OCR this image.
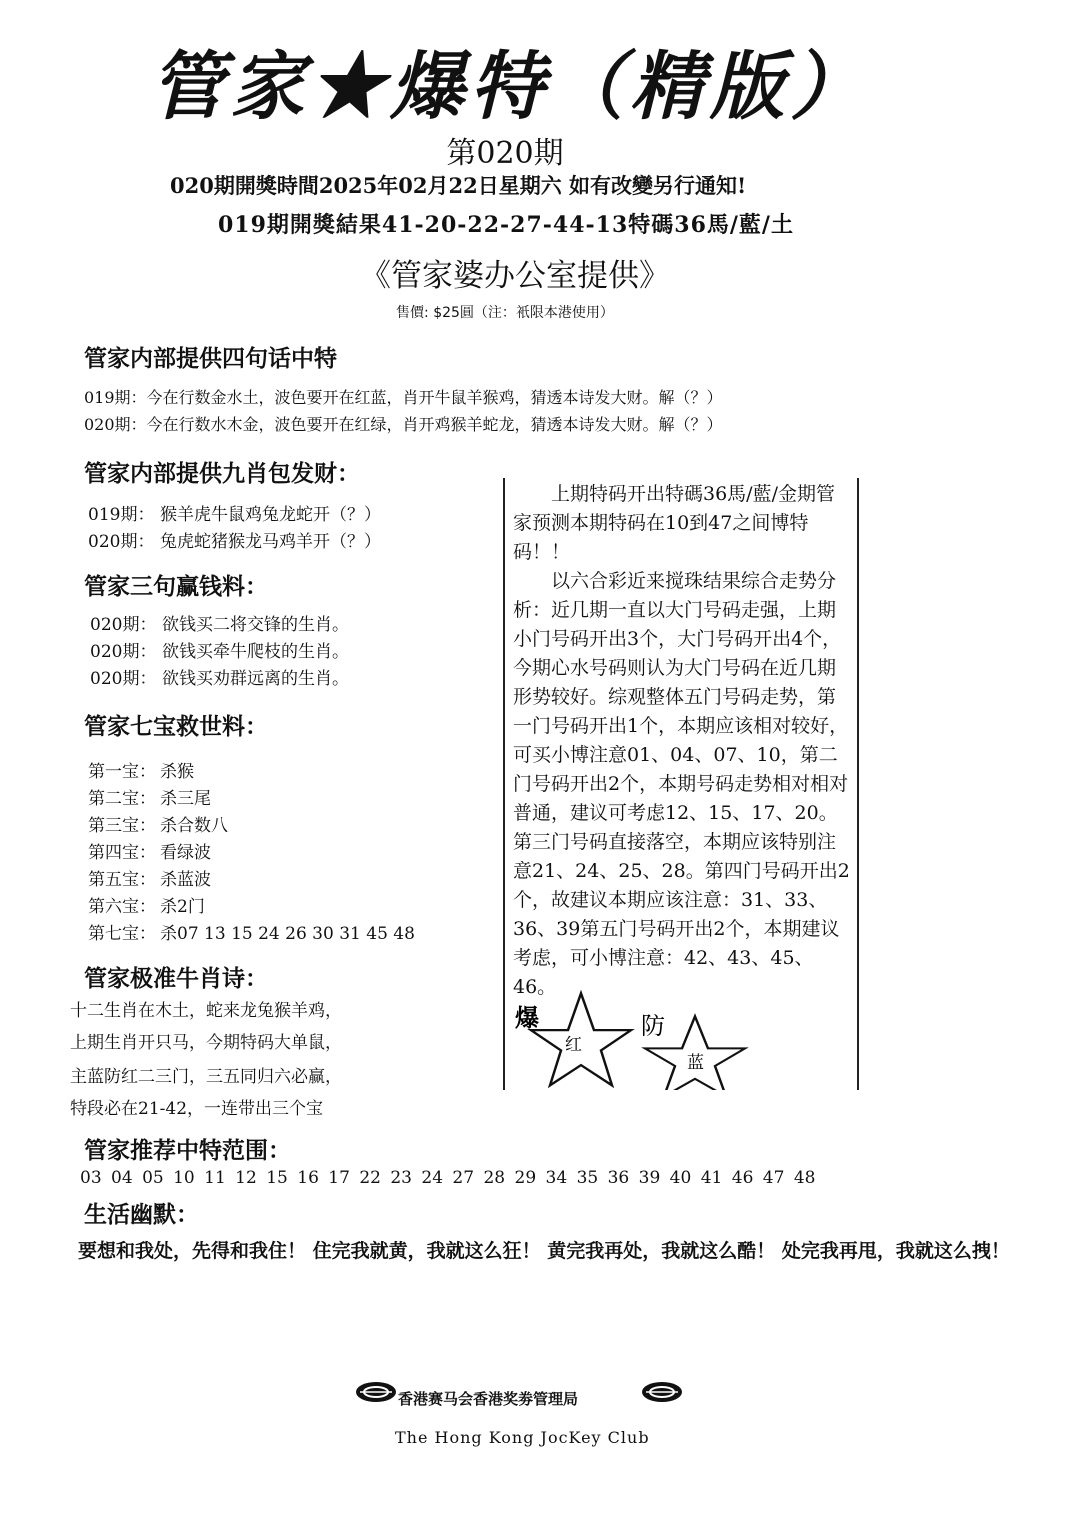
管家★爆特（精版）
第020期
020期開獎時間2025年02月22日星期六 如有改變另行通知!
019期開獎結果41-20-22-27-44-13特碼36馬/藍/土
《管家婆办公室提供》
售價: $25圓（注：衹限本港使用）
管家内部提供四句话中特
019期：今在行数金水土，波色要开在红蓝，肖开牛鼠羊猴鸡，猜透本诗发大财。解（？）
020期：今在行数水木金，波色要开在红绿，肖开鸡猴羊蛇龙，猜透本诗发大财。解（？）
管家内部提供九肖包发财：
019期： 猴羊虎牛鼠鸡兔龙蛇开（？）
020期： 兔虎蛇猪猴龙马鸡羊开（？）
管家三句赢钱料：
020期： 欲钱买二将交锋的生肖。
020期： 欲钱买牵牛爬枝的生肖。
020期： 欲钱买劝群远离的生肖。
管家七宝救世料：
第一宝： 杀猴
第二宝： 杀三尾
第三宝： 杀合数八
第四宝： 看绿波
第五宝： 杀蓝波
第六宝： 杀2门
第七宝： 杀07 13 15 24 26 30 31 45 48
管家极准牛肖诗：
十二生肖在木土，蛇来龙兔猴羊鸡，
上期生肖开只马，今期特码大单鼠，
主蓝防红二三门，三五同归六必赢，
特段必在21-42，一连带出三个宝

上期特码开出特碼36馬/藍/金期管家预测本期特码在10到47之间博特码！！

以六合彩近来搅珠结果综合走势分析：近几期一直以大门号码走强，上期小门号码开出3个，大门号码开出4个，今期心水号码则认为大门号码在近几期形势较好。综观整体五门号码走势，第一门号码开出1个，本期应该相对较好，可买小博注意01、04、07、10，第二门号码开出2个，本期号码走势相对相对普通，建议可考虑12、15、17、20。第三门号码直接落空，本期应该特别注意21、24、25、28。第四门号码开出2个，故建议本期应该注意：31、33、36、39第五门号码开出2个，本期建议考虑，可小博注意：42、43、45、46。

爆
红
防
蓝
管家推荐中特范围：
03 04 05 10 11 12 15 16 17 22 23 24 27 28 29 34 35 36 39 40 41 46 47 48
生活幽默：
要想和我处，先得和我住！ 住完我就黄，我就这么狂！ 黄完我再处，我就这么酷！ 处完我再甩，我就这么拽！
香港赛马会香港奖劵管理局
The Hong Kong JocKey Club
